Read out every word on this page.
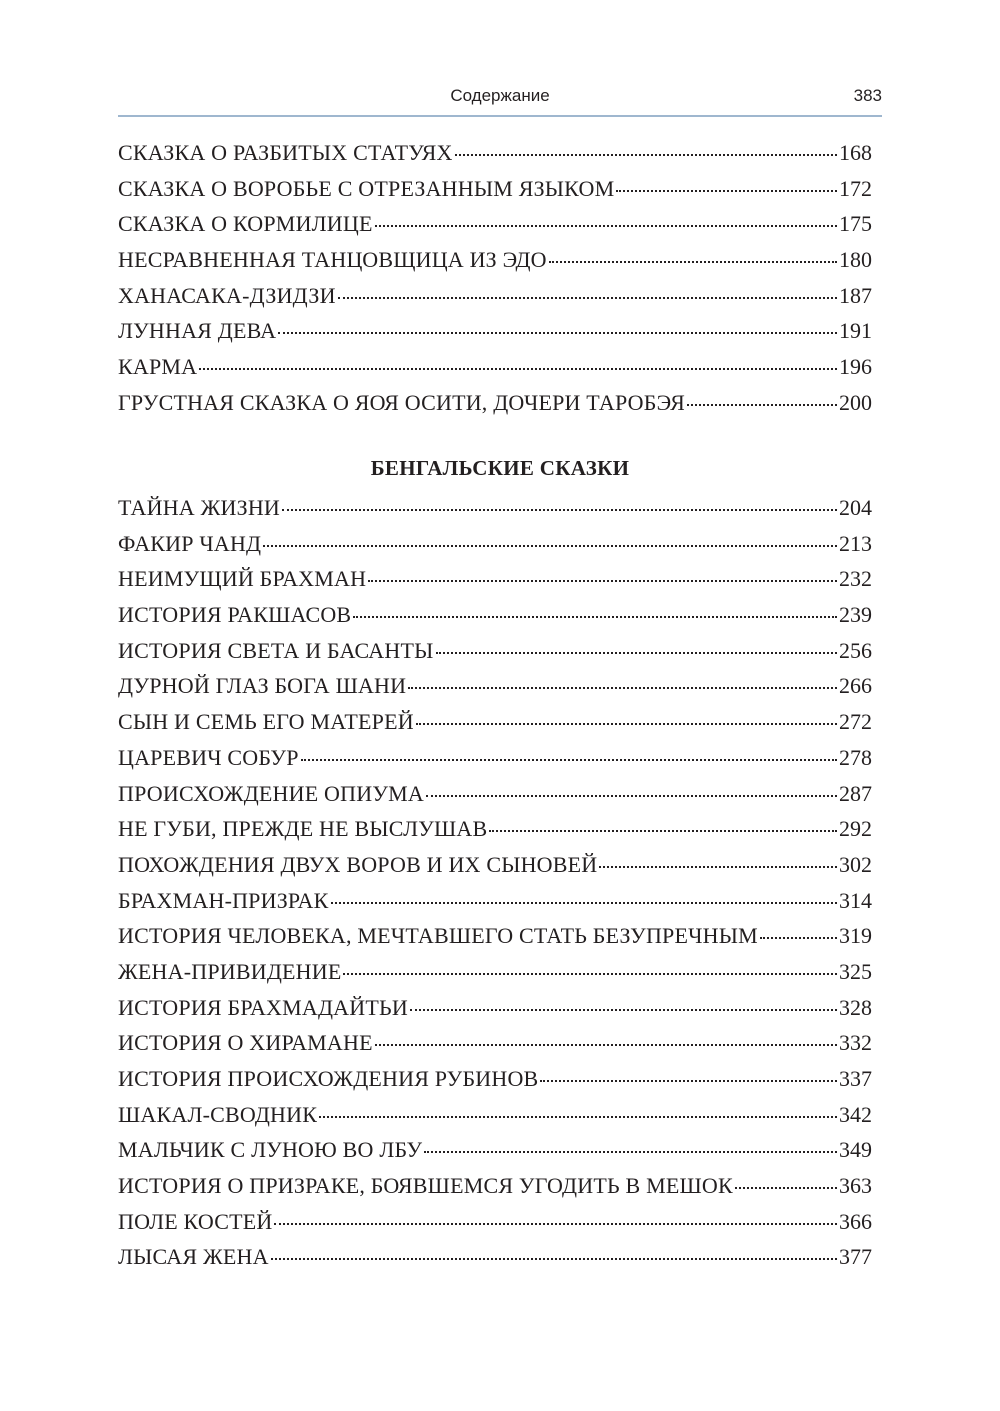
Содержание	383
СКАЗКА О РАЗБИТЫХ СТАТУЯХ	168
СКАЗКА О ВОРОБЬЕ С ОТРЕЗАННЫМ ЯЗЫКОМ	172
СКАЗКА О КОРМИЛИЦЕ	175
НЕСРАВНЕННАЯ ТАНЦОВЩИЦА ИЗ ЭДО	180
ХАНАСАКА-ДЗИДЗИ	187
ЛУННАЯ ДЕВА	191
КАРМА	196
ГРУСТНАЯ СКАЗКА О ЯОЯ ОСИТИ, ДОЧЕРИ ТАРОБЭЯ	200
БЕНГАЛЬСКИЕ СКАЗКИ
ТАЙНА ЖИЗНИ	204
ФАКИР ЧАНД	213
НЕИМУЩИЙ БРАХМАН	232
ИСТОРИЯ РАКШАСОВ	239
ИСТОРИЯ СВЕТА И БАСАНТЫ	256
ДУРНОЙ ГЛАЗ БОГА ШАНИ	266
СЫН И СЕМЬ ЕГО МАТЕРЕЙ	272
ЦАРЕВИЧ СОБУР	278
ПРОИСХОЖДЕНИЕ ОПИУМА	287
НЕ ГУБИ, ПРЕЖДЕ НЕ ВЫСЛУШАВ	292
ПОХОЖДЕНИЯ ДВУХ ВОРОВ И ИХ СЫНОВЕЙ	302
БРАХМАН-ПРИЗРАК	314
ИСТОРИЯ ЧЕЛОВЕКА, МЕЧТАВШЕГО СТАТЬ БЕЗУПРЕЧНЫМ	319
ЖЕНА-ПРИВИДЕНИЕ	325
ИСТОРИЯ БРАХМАДАЙТЬИ	328
ИСТОРИЯ О ХИРАМАНЕ	332
ИСТОРИЯ ПРОИСХОЖДЕНИЯ РУБИНОВ	337
ШАКАЛ-СВОДНИК	342
МАЛЬЧИК С ЛУНОЮ ВО ЛБУ	349
ИСТОРИЯ О ПРИЗРАКЕ, БОЯВШЕМСЯ УГОДИТЬ В МЕШОК	363
ПОЛЕ КОСТЕЙ	366
ЛЫСАЯ ЖЕНА	377
